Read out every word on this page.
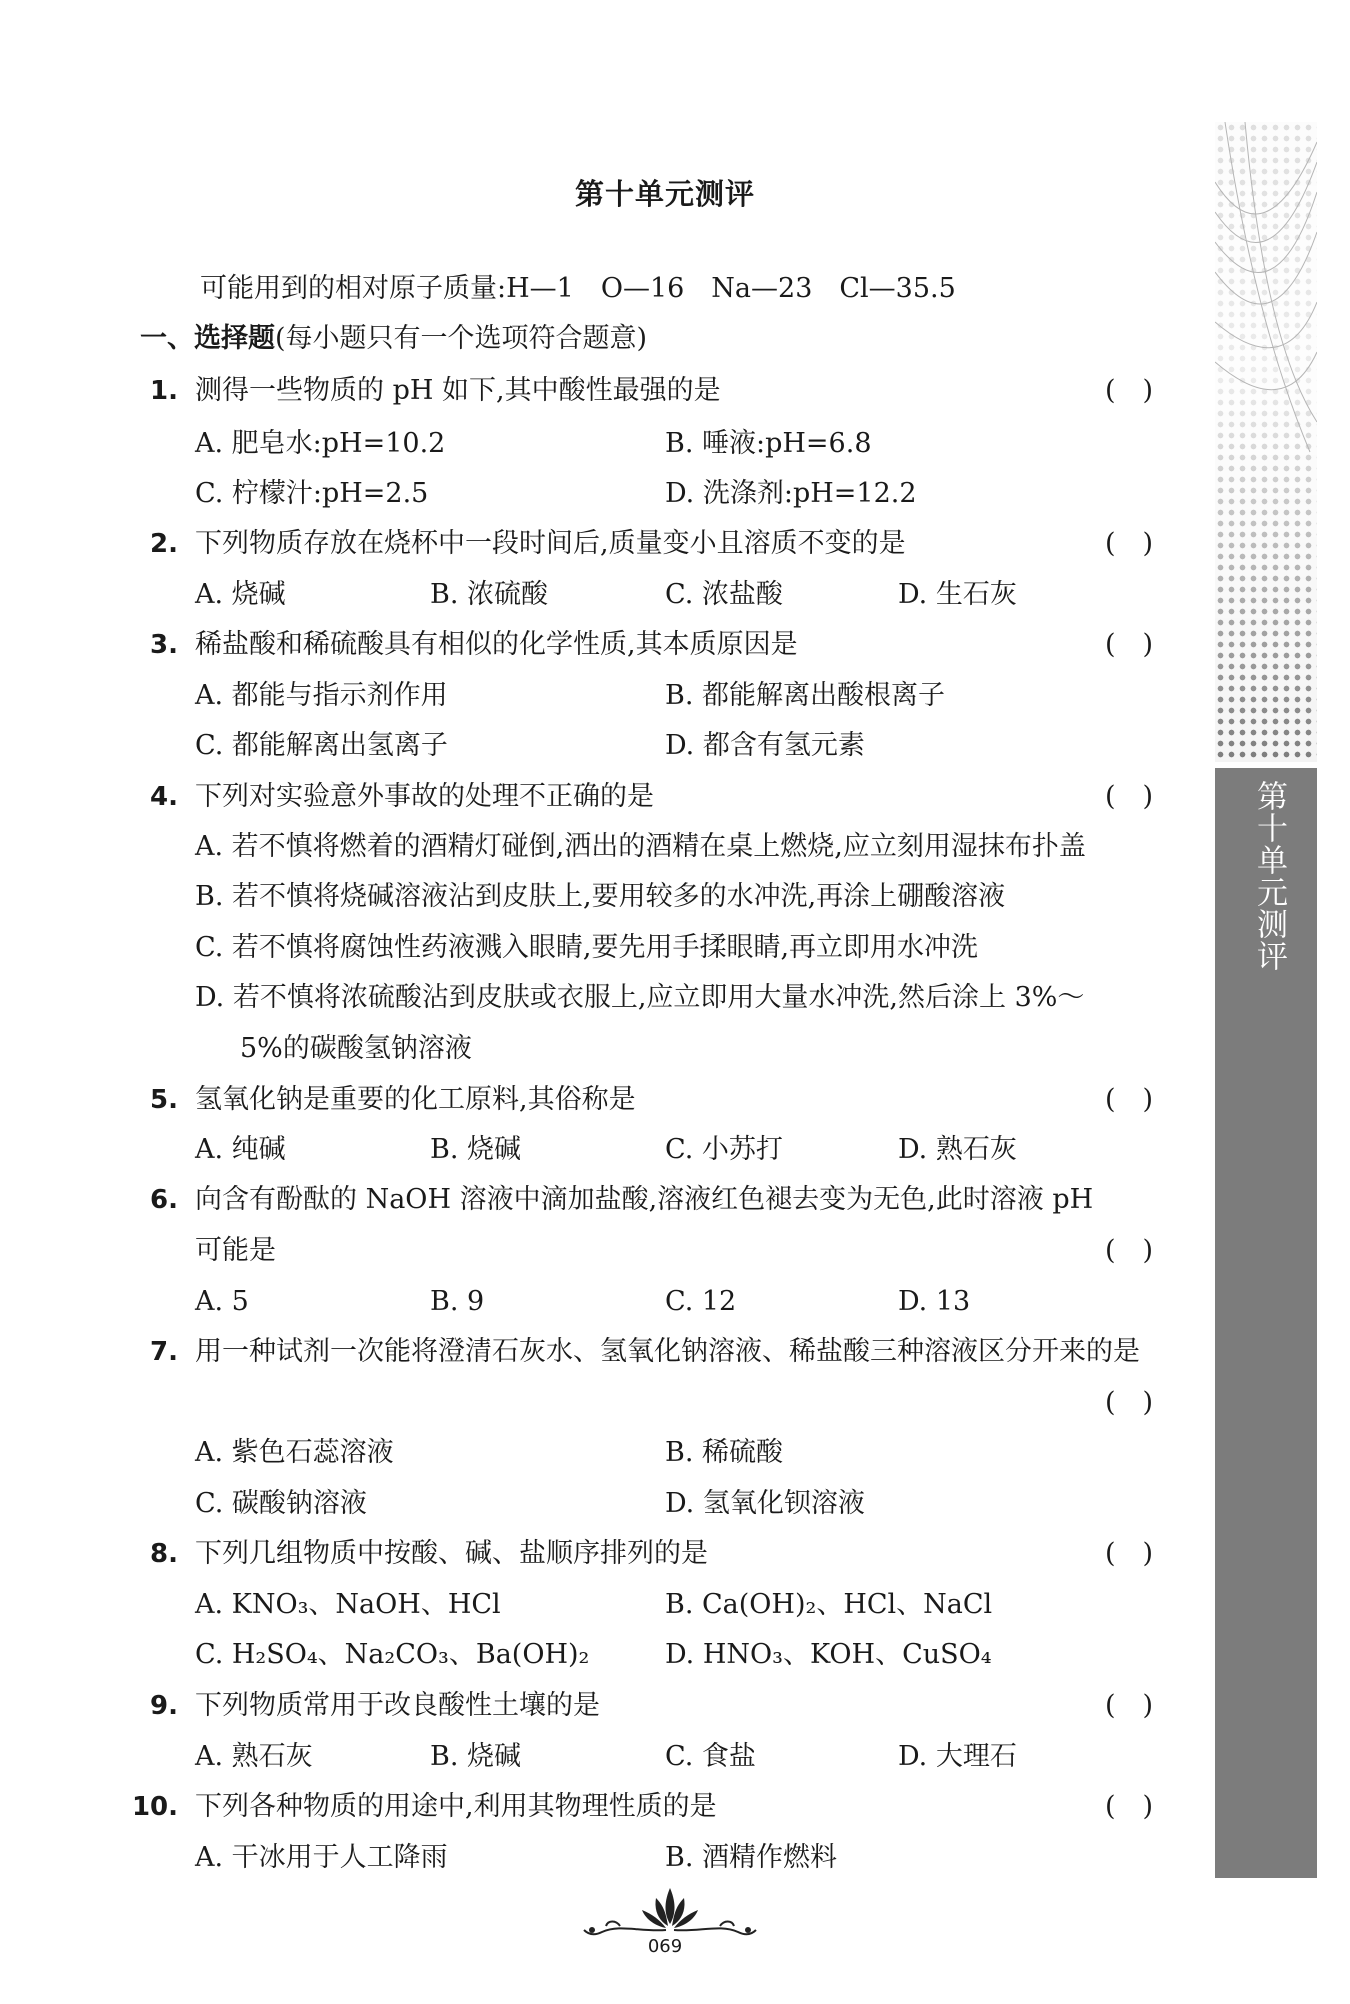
第十单元测评
第十单元测评
可能用到的相对原子质量:H—1　O—16　Na—23　Cl—35.5
一、选择题(每小题只有一个选项符合题意)
1. 测得一些物质的 pH 如下,其中酸性最强的是	(　)
A. 肥皂水:pH=10.2	B. 唾液:pH=6.8
C. 柠檬汁:pH=2.5	D. 洗涤剂:pH=12.2
2. 下列物质存放在烧杯中一段时间后,质量变小且溶质不变的是	(　)
A. 烧碱	B. 浓硫酸	C. 浓盐酸	D. 生石灰
3. 稀盐酸和稀硫酸具有相似的化学性质,其本质原因是	(　)
A. 都能与指示剂作用	B. 都能解离出酸根离子
C. 都能解离出氢离子	D. 都含有氢元素
4. 下列对实验意外事故的处理不正确的是	(　)
A. 若不慎将燃着的酒精灯碰倒,洒出的酒精在桌上燃烧,应立刻用湿抹布扑盖
B. 若不慎将烧碱溶液沾到皮肤上,要用较多的水冲洗,再涂上硼酸溶液
C. 若不慎将腐蚀性药液溅入眼睛,要先用手揉眼睛,再立即用水冲洗
D. 若不慎将浓硫酸沾到皮肤或衣服上,应立即用大量水冲洗,然后涂上 3%～
5%的碳酸氢钠溶液
5. 氢氧化钠是重要的化工原料,其俗称是	(　)
A. 纯碱	B. 烧碱	C. 小苏打	D. 熟石灰
6. 向含有酚酞的 NaOH 溶液中滴加盐酸,溶液红色褪去变为无色,此时溶液 pH
可能是	(　)
A. 5	B. 9	C. 12	D. 13
7. 用一种试剂一次能将澄清石灰水、氢氧化钠溶液、稀盐酸三种溶液区分开来的是
(　)
A. 紫色石蕊溶液	B. 稀硫酸
C. 碳酸钠溶液	D. 氢氧化钡溶液
8. 下列几组物质中按酸、碱、盐顺序排列的是	(　)
A. KNO₃、NaOH、HCl	B. Ca(OH)₂、HCl、NaCl
C. H₂SO₄、Na₂CO₃、Ba(OH)₂	D. HNO₃、KOH、CuSO₄
9. 下列物质常用于改良酸性土壤的是	(　)
A. 熟石灰	B. 烧碱	C. 食盐	D. 大理石
10. 下列各种物质的用途中,利用其物理性质的是	(　)
A. 干冰用于人工降雨	B. 酒精作燃料
069
